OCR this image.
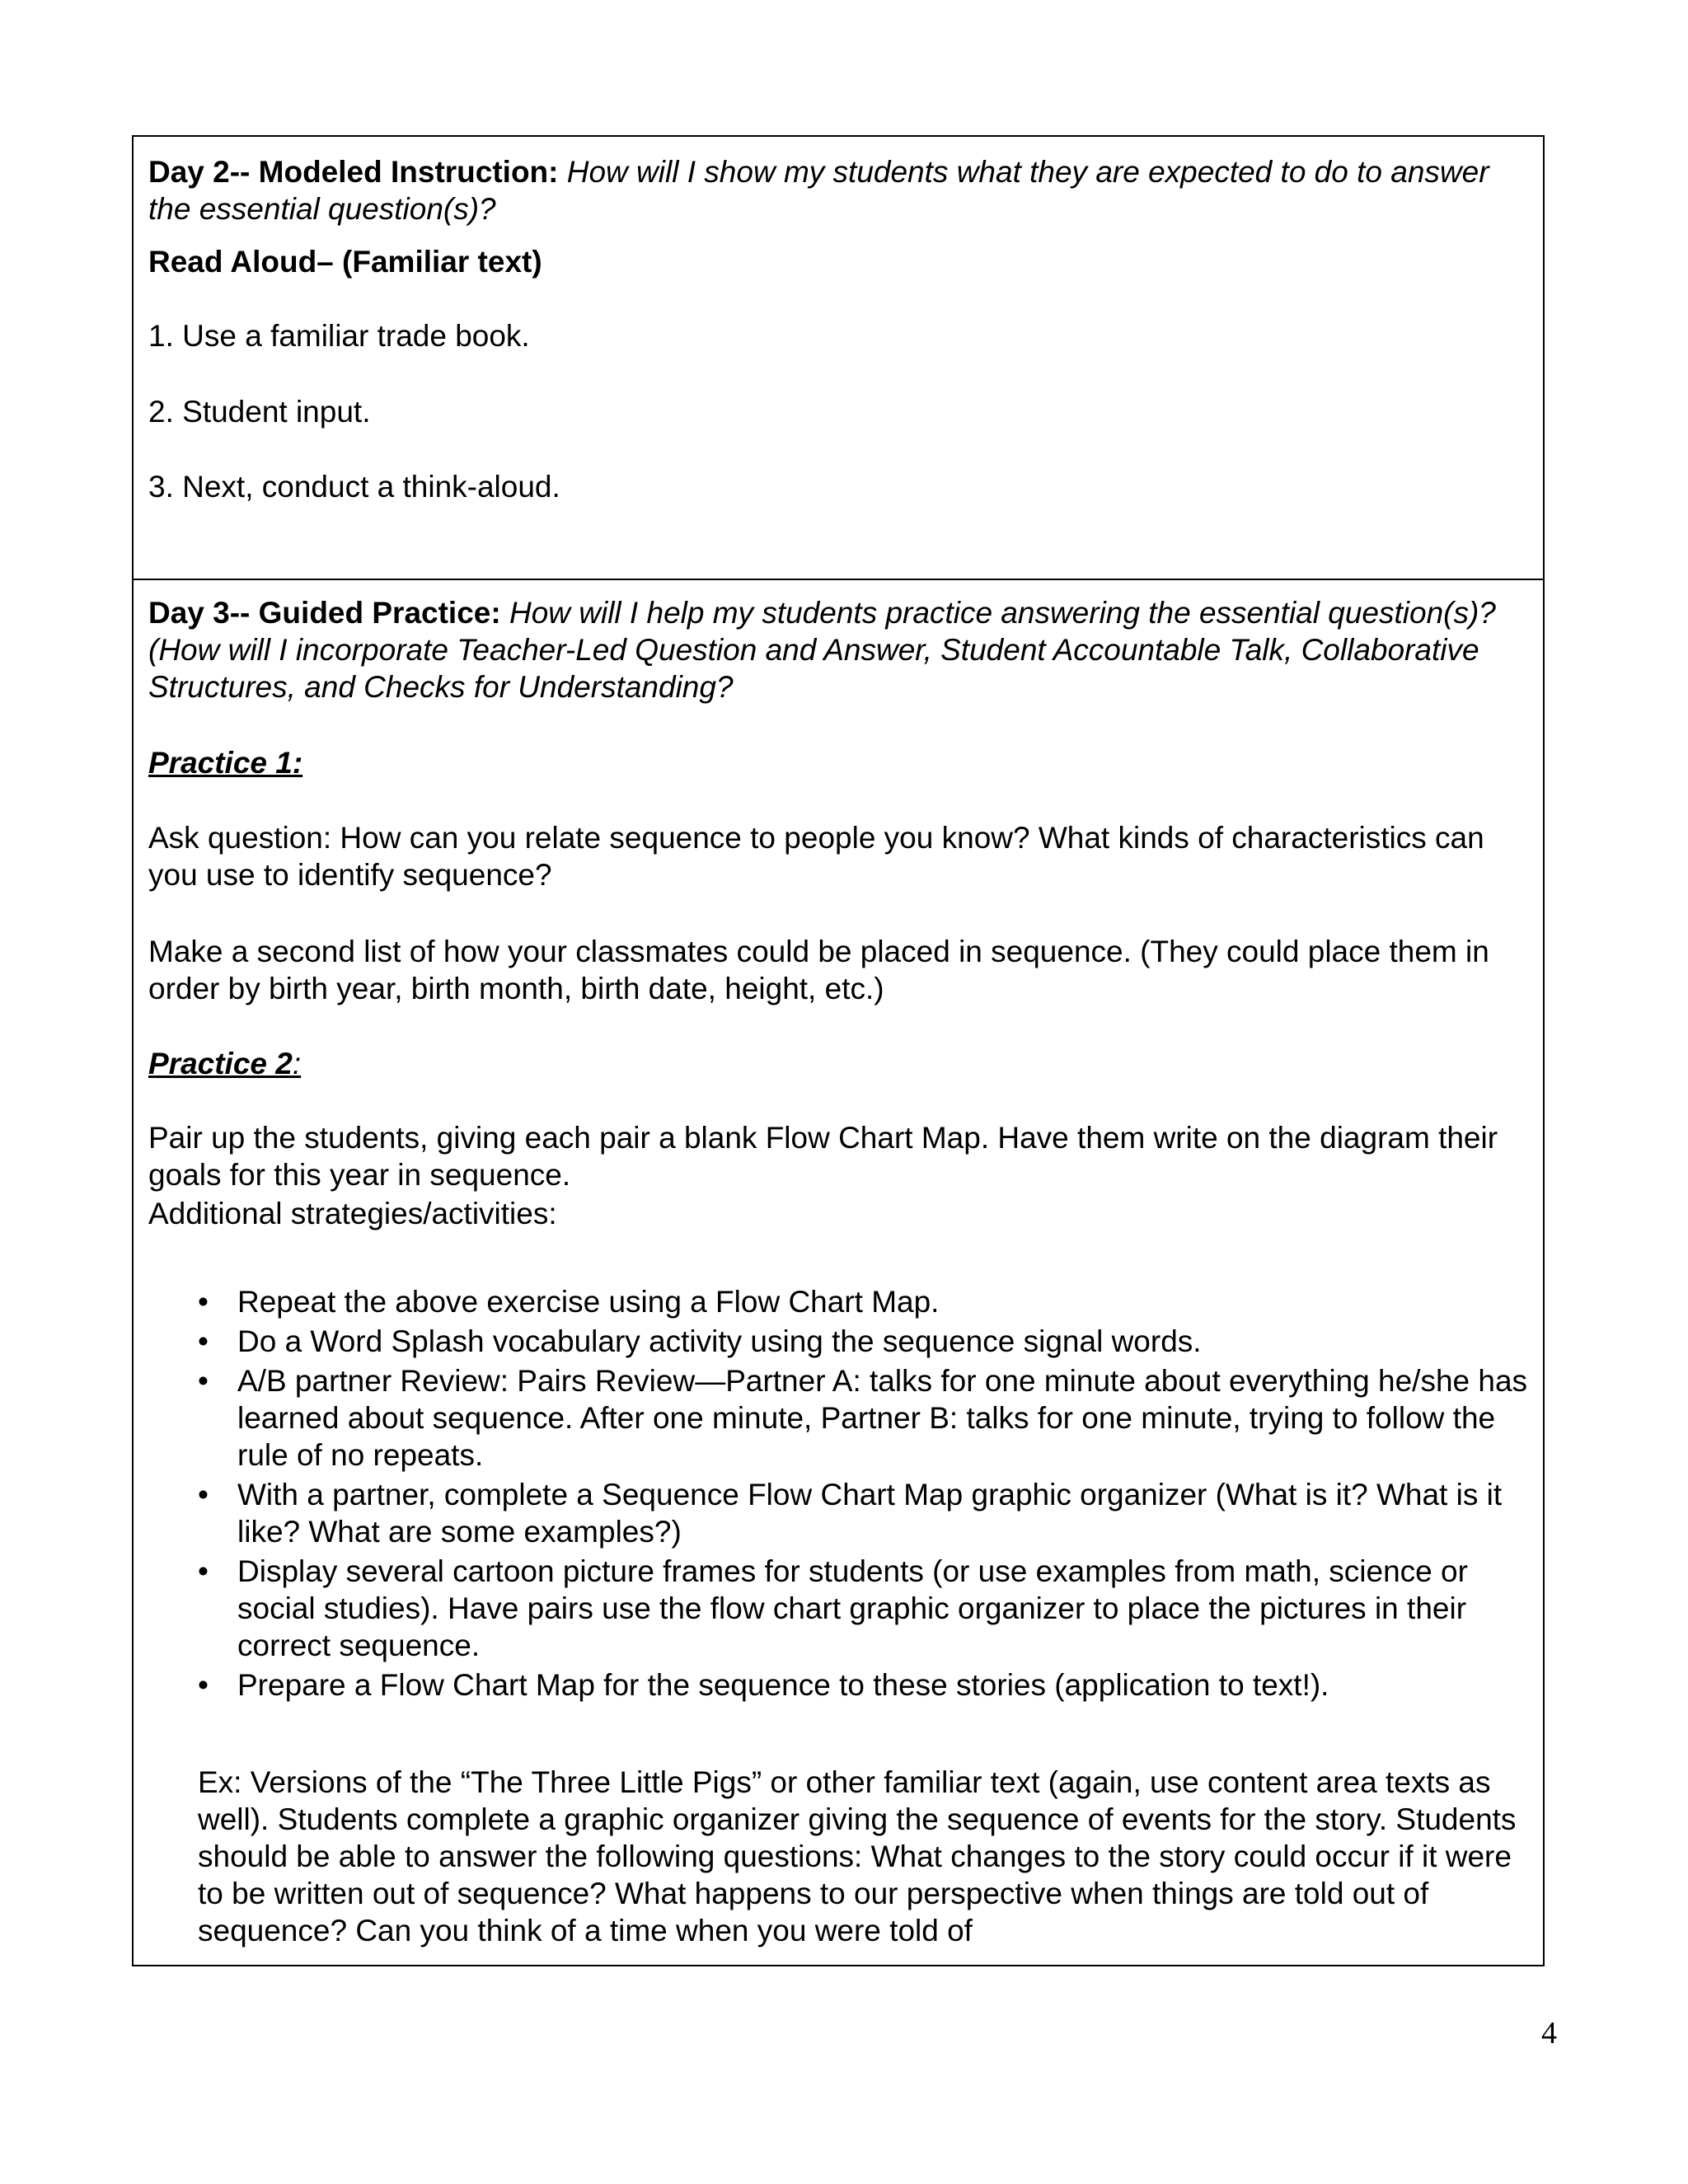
Day 2-- Modeled Instruction: How will I show my students what they are expected to do to answer the essential question(s)?

Read Aloud– (Familiar text)

1. Use a familiar trade book.

2. Student input.

3. Next, conduct a think-aloud.

Day 3-- Guided Practice: How will I help my students practice answering the essential question(s)? (How will I incorporate Teacher-Led Question and Answer, Student Accountable Talk, Collaborative Structures, and Checks for Understanding?

Practice 1:

Ask question: How can you relate sequence to people you know? What kinds of characteristics can you use to identify sequence?

Make a second list of how your classmates could be placed in sequence. (They could place them in order by birth year, birth month, birth date, height, etc.)

Practice 2:

Pair up the students, giving each pair a blank Flow Chart Map. Have them write on the diagram their goals for this year in sequence.

Additional strategies/activities:

• Repeat the above exercise using a Flow Chart Map.
• Do a Word Splash vocabulary activity using the sequence signal words.
• A/B partner Review: Pairs Review—Partner A: talks for one minute about everything he/she has learned about sequence. After one minute, Partner B: talks for one minute, trying to follow the rule of no repeats.
• With a partner, complete a Sequence Flow Chart Map graphic organizer (What is it? What is it like? What are some examples?)
• Display several cartoon picture frames for students (or use examples from math, science or social studies). Have pairs use the flow chart graphic organizer to place the pictures in their correct sequence.
• Prepare a Flow Chart Map for the sequence to these stories (application to text!).

Ex: Versions of the “The Three Little Pigs” or other familiar text (again, use content area texts as well). Students complete a graphic organizer giving the sequence of events for the story. Students should be able to answer the following questions: What changes to the story could occur if it were to be written out of sequence? What happens to our perspective when things are told out of sequence? Can you think of a time when you were told of

4
